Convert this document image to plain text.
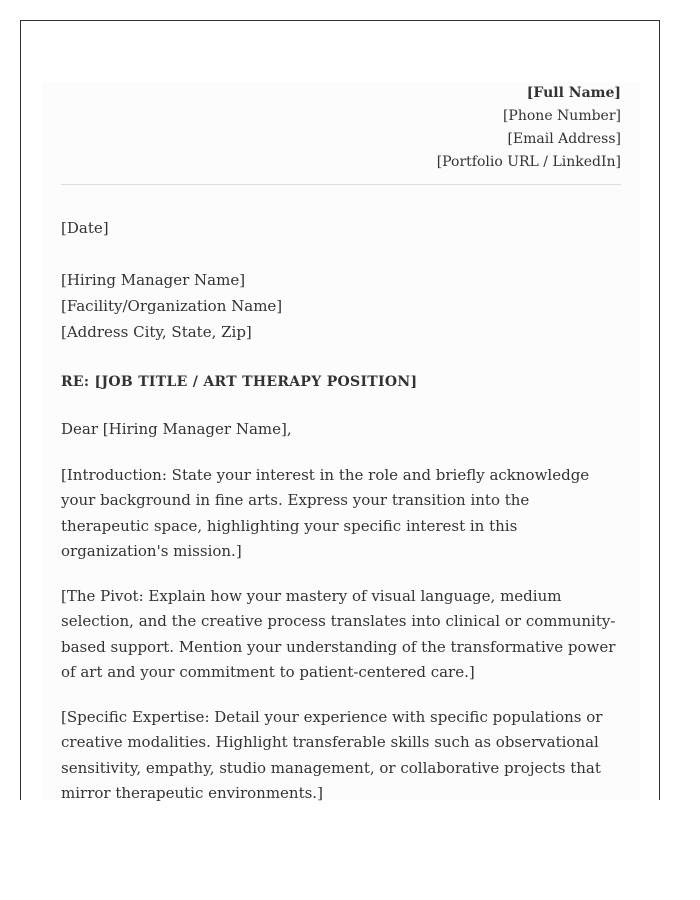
[Full Name]
[Phone Number]
[Email Address]
[Portfolio URL / LinkedIn]
[Date]
[Hiring Manager Name]
[Facility/Organization Name]
[Address City, State, Zip]
RE: [JOB TITLE / ART THERAPY POSITION]
Dear [Hiring Manager Name],
[Introduction: State your interest in the role and briefly acknowledge your background in fine arts. Express your transition into the therapeutic space, highlighting your specific interest in this organization's mission.]
[The Pivot: Explain how your mastery of visual language, medium selection, and the creative process translates into clinical or community-based support. Mention your understanding of the transformative power of art and your commitment to patient-centered care.]
[Specific Expertise: Detail your experience with specific populations or creative modalities. Highlight transferable skills such as observational sensitivity, empathy, studio management, or collaborative projects that mirror therapeutic environments.]
